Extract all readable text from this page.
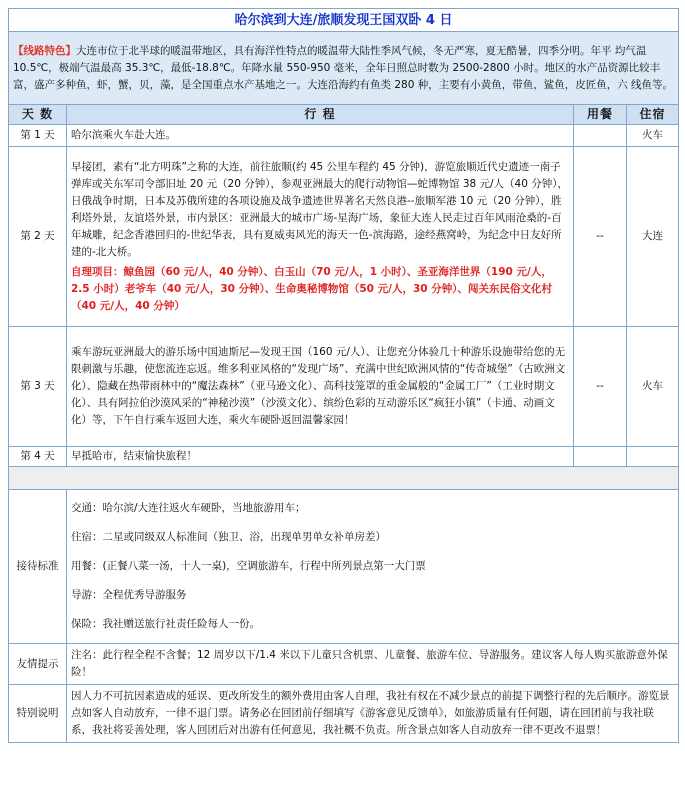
哈尔滨到大连/旅顺发现王国双卧 4 日			
【线路特色】大连市位于北半球的暖温带地区，具有海洋性特点的暖温带大陆性季风气候，冬无严寒，夏无酷暑，四季分明。年平 均气温 10.5℃，极端气温最高 35.3℃，最低-18.8℃。年降水量 550-950 毫米，全年日照总时数为 2500-2800 小时。地区的水产品资源比较丰富，盛产多种鱼，虾，蟹，贝，藻，是全国重点水产基地之一。大连沿海约有鱼类 280 种，主要有小黄鱼，带鱼，鲨鱼，皮匠鱼，六 线鱼等。			
天 数	行 程	用餐	住宿
第 1 天	哈尔滨乘火车赴大连。		火车
第 2 天	早接团，素有“北方明珠”之称的大连，前往旅顺(约 45 公里车程约 45 分钟)，游览旅顺近代史遗迹一南子弹库或关东军司令部旧址 20 元（20 分钟），参观亚洲最大的爬行动物馆—蛇博物馆 38 元/人（40 分钟），日俄战争时期，日本及苏俄所建的各项设施及战争遗迹世界著名天然良港--旅顺军港 10 元（20 分钟），胜利塔外景，友谊塔外景，市内景区：亚洲最大的城市广场-星海广场，象征大连人民走过百年风雨沧桑的-百年城雕，纪念香港回归的-世纪华表，具有夏威夷风光的海天一色-滨海路，途经燕窝岭，为纪念中日友好所建的-北大桥。
自理项目：鲸鱼园（60 元/人，40 分钟）、白玉山（70 元/人，1 小时）、圣亚海洋世界（190 元/人，2.5 小时）老爷车（40 元/人，30 分钟）、生命奥秘博物馆（50 元/人，30 分钟）、闯关东民俗文化村（40 元/人，40 分钟）	--	大连
第 3 天	乘车游玩亚洲最大的游乐场中国迪斯尼—发现王国（160 元/人）、让您充分体验几十种游乐设施带给您的无限刺激与乐趣，使您流连忘返。维多利亚风格的“发现广场”、充满中世纪欧洲风情的“传奇城堡”（古欧洲文化）、隐藏在热带雨林中的“魔法森林”（亚马逊文化）、高科技笼罩的重金属般的“金属工厂”（工业时期文化）、具有阿拉伯沙漠风采的“神秘沙漠”（沙漠文化）、缤纷色彩的互动游乐区“疯狂小镇”（卡通、动画文化）等，下午自行乘车返回大连，乘火车硬卧返回温馨家园！	--	火车
第 4 天	早抵哈市，结束愉快旅程！		

接待标准	交通：哈尔滨/大连往返火车硬卧，当地旅游用车；

住宿：二星或同级双人标准间（独卫、浴，出现单男单女补单房差）

用餐：(正餐八菜一汤，十人一桌)，空调旅游车，行程中所列景点第一大门票

导游：全程优秀导游服务

保险：我社赠送旅行社责任险每人一份。		

友情提示	注名：此行程全程不含餐；12 周岁以下/1.4 米以下儿童只含机票、儿童餐、旅游车位、导游服务。建议客人每人购买旅游意外保险！		
特别说明	因人力不可抗因素造成的延误、更改所发生的额外费用由客人自理，我社有权在不减少景点的前提下调整行程的先后顺序。游览景点如客人自动放弃，一律不退门票。请务必在回团前仔细填写《游客意见反馈单》，如旅游质量有任何题，请在回团前与我社联系，我社将妥善处理，客人回团后对出游有任何意见，我社概不负责。所含景点如客人自动放弃一律不更改不退票！		
